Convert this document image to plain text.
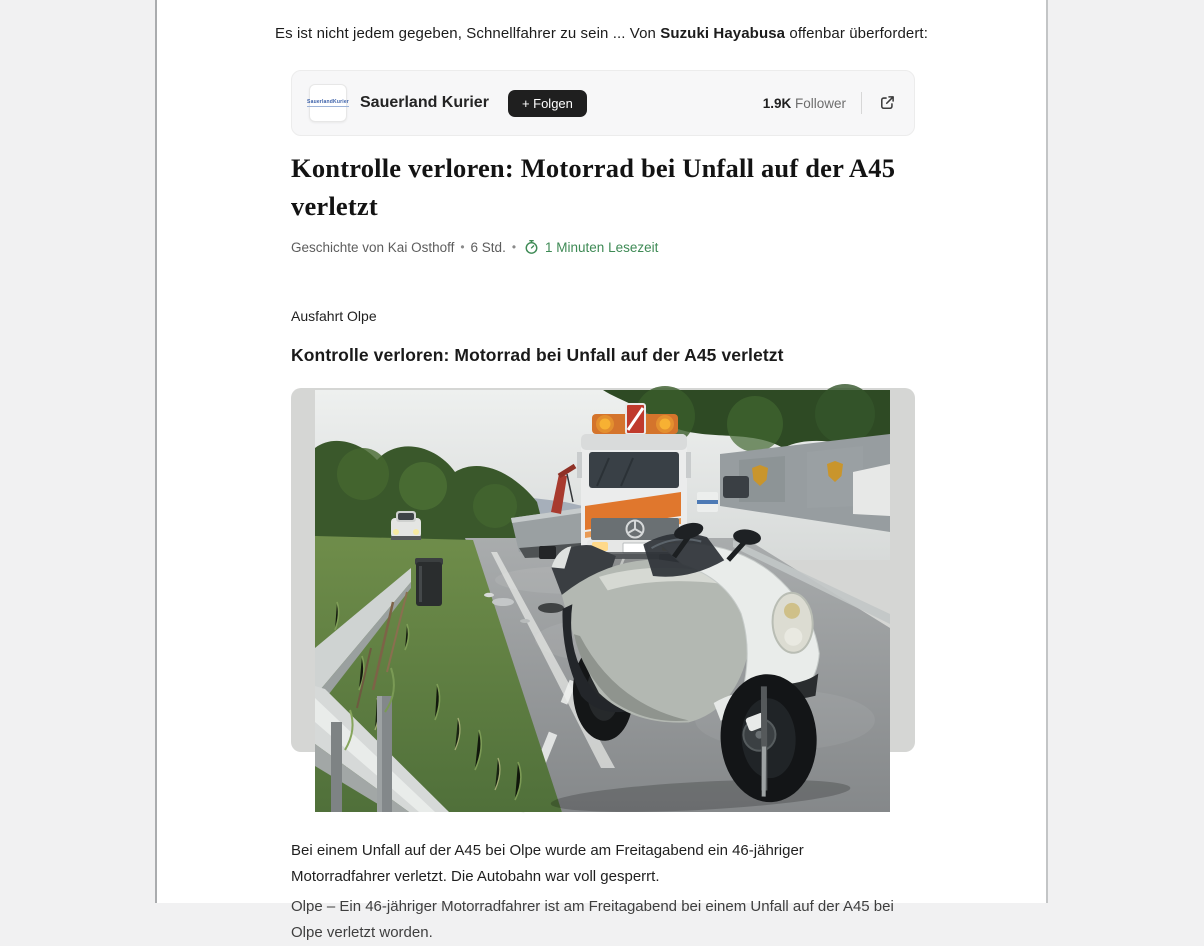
Es ist nicht jedem gegeben, Schnellfahrer zu sein ... Von Suzuki Hayabusa offenbar überfordert:

SauerlandKurier Sauerland Kurier	+ Folgen	1.9K Follower
Kontrolle verloren: Motorrad bei Unfall auf der A45 verletzt
Geschichte von Kai Osthoff • 6 Std. • 1 Minuten Lesezeit

Ausfahrt Olpe

Kontrolle verloren: Motorrad bei Unfall auf der A45 verletzt

Bei einem Unfall auf der A45 bei Olpe wurde am Freitagabend ein 46-jähriger Motorradfahrer verletzt. Die Autobahn war voll gesperrt.

Olpe – Ein 46-jähriger Motorradfahrer ist am Freitagabend bei einem Unfall auf der A45 bei Olpe verletzt worden.
